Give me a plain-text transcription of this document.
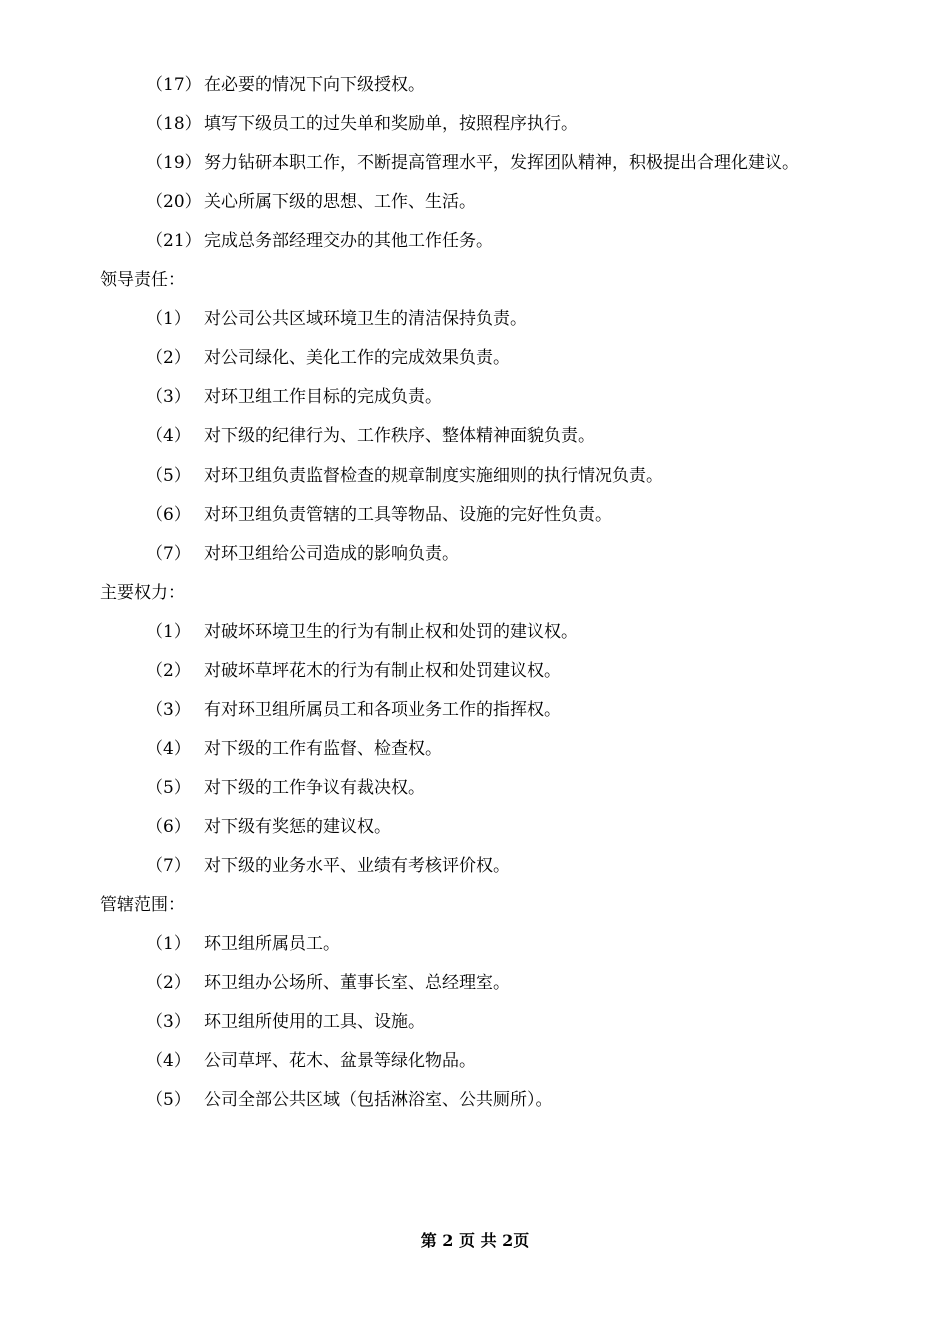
（17） 在必要的情况下向下级授权。
（18） 填写下级员工的过失单和奖励单，按照程序执行。
（19） 努力钻研本职工作，不断提高管理水平，发挥团队精神，积极提出合理化建议。
（20） 关心所属下级的思想、工作、生活。
（21） 完成总务部经理交办的其他工作任务。
领导责任：
（1） 对公司公共区域环境卫生的清洁保持负责。
（2） 对公司绿化、美化工作的完成效果负责。
（3） 对环卫组工作目标的完成负责。
（4） 对下级的纪律行为、工作秩序、整体精神面貌负责。
（5） 对环卫组负责监督检查的规章制度实施细则的执行情况负责。
（6） 对环卫组负责管辖的工具等物品、设施的完好性负责。
（7） 对环卫组给公司造成的影响负责。
主要权力：
（1） 对破坏环境卫生的行为有制止权和处罚的建议权。
（2） 对破坏草坪花木的行为有制止权和处罚建议权。
（3） 有对环卫组所属员工和各项业务工作的指挥权。
（4） 对下级的工作有监督、检查权。
（5） 对下级的工作争议有裁决权。
（6） 对下级有奖惩的建议权。
（7） 对下级的业务水平、业绩有考核评价权。
管辖范围：
（1） 环卫组所属员工。
（2） 环卫组办公场所、董事长室、总经理室。
（3） 环卫组所使用的工具、设施。
（4） 公司草坪、花木、盆景等绿化物品。
（5） 公司全部公共区域（包括淋浴室、公共厕所）。
第 2 页 共 2页
